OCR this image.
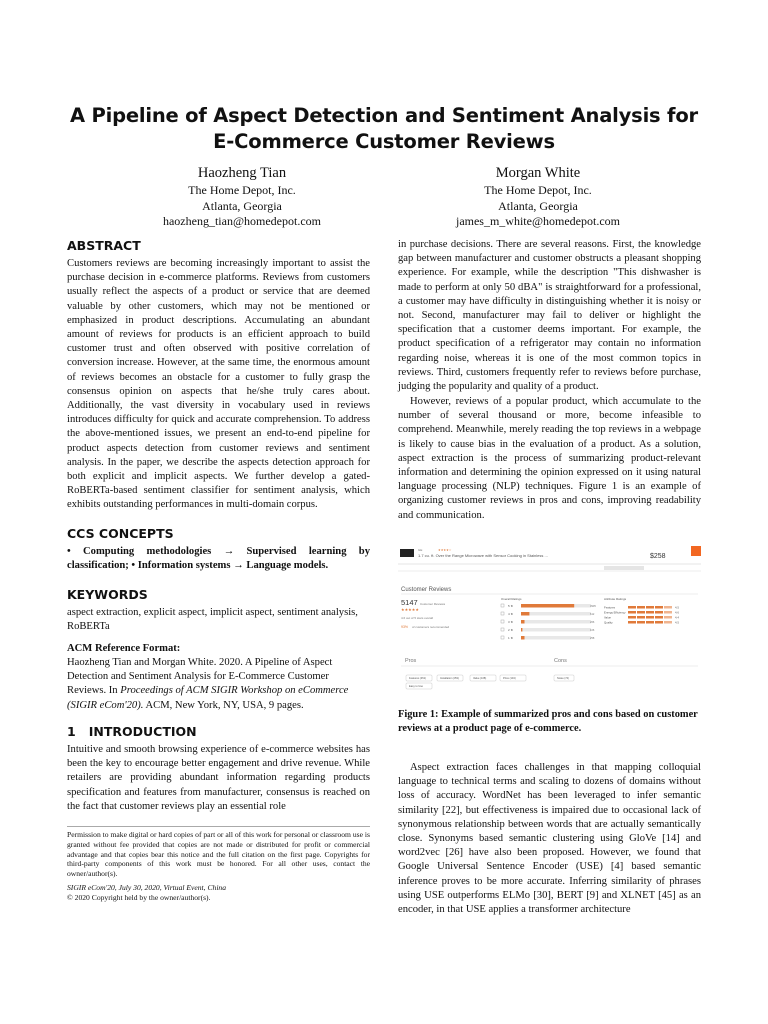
A Pipeline of Aspect Detection and Sentiment Analysis for
E-Commerce Customer Reviews
Haozheng Tian
The Home Depot, Inc.
Atlanta, Georgia
haozheng_tian@homedepot.com
Morgan White
The Home Depot, Inc.
Atlanta, Georgia
james_m_white@homedepot.com
ABSTRACT
Customers reviews are becoming increasingly important to assist the purchase decision in e-commerce platforms. Reviews from customers usually reflect the aspects of a product or service that are deemed valuable by other customers, which may not be mentioned or emphasized in product descriptions. Accumulating an abundant amount of reviews for products is an efficient approach to build customer trust and often observed with positive correlation of conversion increase. However, at the same time, the enormous amount of reviews becomes an obstacle for a customer to fully grasp the consensus opinion on aspects that he/she truly cares about. Additionally, the vast diversity in vocabulary used in reviews introduces difficulty for quick and accurate comprehension. To address the above-mentioned issues, we present an end-to-end pipeline for product aspects detection from customer reviews and sentiment analysis. In the paper, we describe the aspects detection approach for both explicit and implicit aspects. We further develop a gated-RoBERTa-based sentiment classifier for sentiment analysis, which exhibits outstanding performances in multi-domain corpus.
CCS CONCEPTS
• Computing methodologies → Supervised learning by classification; • Information systems → Language models.
KEYWORDS
aspect extraction, explicit aspect, implicit aspect, sentiment analysis, RoBERTa
ACM Reference Format:
Haozheng Tian and Morgan White. 2020. A Pipeline of Aspect Detection and Sentiment Analysis for E-Commerce Customer Reviews. In Proceedings of ACM SIGIR Workshop on eCommerce (SIGIR eCom'20). ACM, New York, NY, USA, 9 pages.
1   INTRODUCTION
Intuitive and smooth browsing experience of e-commerce websites has been the key to encourage better engagement and drive revenue. While retailers are providing abundant information regarding products specification and features from manufacturer, consensus is reached on the fact that customer reviews play an essential role
Permission to make digital or hard copies of part or all of this work for personal or classroom use is granted without fee provided that copies are not made or distributed for profit or commercial advantage and that copies bear this notice and the full citation on the first page. Copyrights for third-party components of this work must be honored. For all other uses, contact the owner/author(s).
SIGIR eCom'20, July 30, 2020, Virtual Event, China
© 2020 Copyright held by the owner/author(s).
in purchase decisions. There are several reasons. First, the knowledge gap between manufacturer and customer obstructs a pleasant shopping experience. For example, while the description "This dishwasher is made to perform at only 50 dBA" is straightforward for a professional, a customer may have difficulty in distinguishing whether it is noisy or not. Second, manufacturer may fail to deliver or highlight the specification that a customer deems important. For example, the product specification of a refrigerator may contain no information regarding noise, whereas it is one of the most common topics in reviews. Third, customers frequently refer to reviews before purchase, judging the popularity and quality of a product.
However, reviews of a popular product, which accumulate to the number of several thousand or more, become infeasible to comprehend. Meanwhile, merely reading the top reviews in a webpage is likely to cause bias in the evaluation of a product. As a solution, aspect extraction is the process of summarizing product-relevant information and determining the opinion expressed on it using natural language processing (NLP) techniques. Figure 1 is an example of organizing customer reviews in pros and cons, improving readability and communication.
GE	★★★★☆
1.7 cu. ft. Over the Range Microwave with Sensor Cooking in Stainless ...	$258
Customer Reviews
5147 Customer Reviews
★★★★★
4.6 out of 5 stars overall
93% of customers recommended
Overall Ratings
5 ★	3905
4 ★	612
3 ★	266
2 ★	106
1 ★	258
Attribute Ratings
Features	4.5
Energy Efficiency	4.6
Value	4.4
Quality	4.5
Pros	Cons
Features (451)	Installation (351)	Value (108)	Price (104)
Easy to Use
Noise (74)
Figure 1: Example of summarized pros and cons based on customer reviews at a product page of e-commerce.
Aspect extraction faces challenges in that mapping colloquial language to technical terms and scaling to dozens of domains without loss of accuracy. WordNet has been leveraged to infer semantic similarity [22], but effectiveness is impaired due to occasional lack of synonymous relationship between words that are actually semantically close. Synonyms based semantic clustering using GloVe [14] and word2vec [26] have also been proposed. However, we found that Google Universal Sentence Encoder (USE) [4] based semantic inference proves to be more accurate. Inferring similarity of phrases using USE outperforms ELMo [30], BERT [9] and XLNET [45] as an encoder, in that USE applies a transformer architecture
